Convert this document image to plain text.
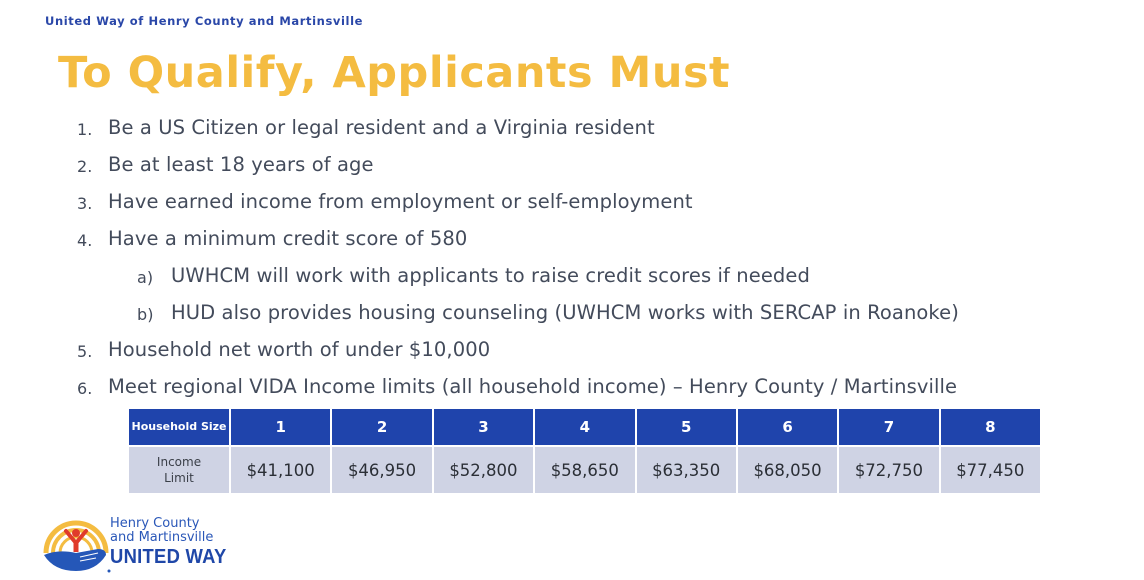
United Way of Henry County and Martinsville
To Qualify, Applicants Must
1. Be a US Citizen or legal resident and a Virginia resident
2. Be at least 18 years of age
3. Have earned income from employment or self-employment
4. Have a minimum credit score of 580
a) UWHCM will work with applicants to raise credit scores if needed
b) HUD also provides housing counseling (UWHCM works with SERCAP in Roanoke)
5. Household net worth of under $10,000
6. Meet regional VIDA Income limits (all household income) – Henry County / Martinsville
Household Size	1	2	3	4	5	6	7	8
Income Limit	$41,100	$46,950	$52,800	$58,650	$63,350	$68,050	$72,750	$77,450
Henry County
and Martinsville
UNITED WAY
